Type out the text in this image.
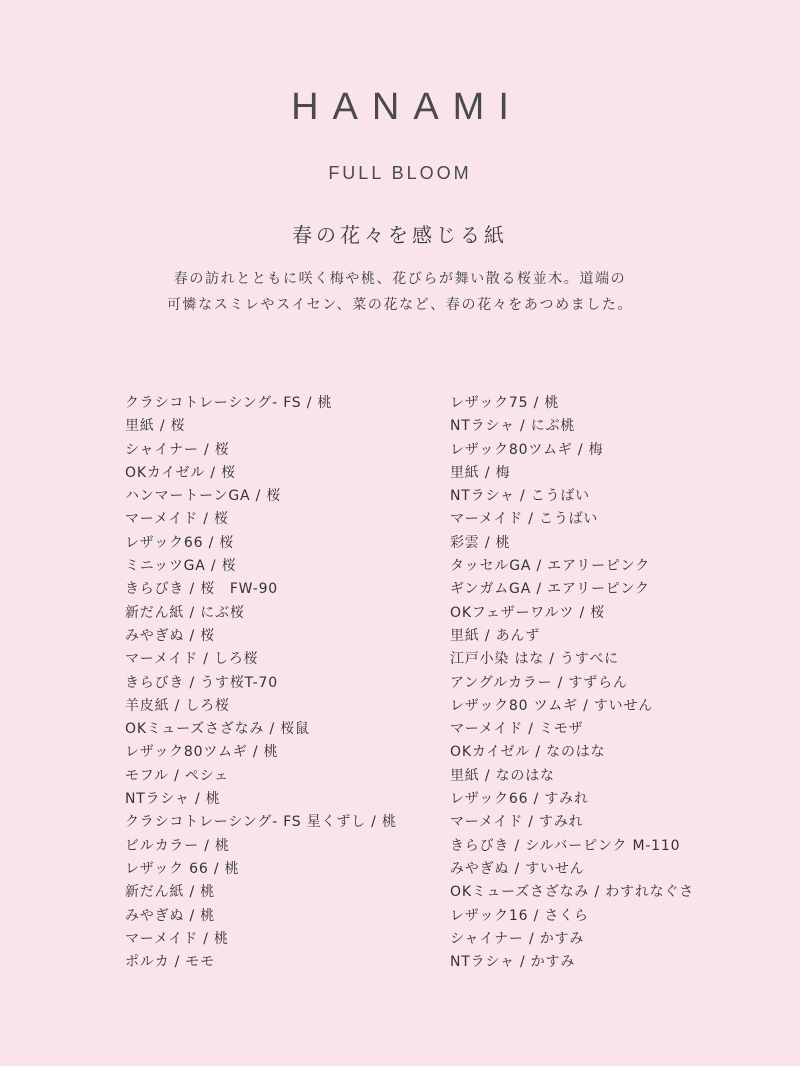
HANAMI
FULL BLOOM
春の花々を感じる紙
春の訪れとともに咲く梅や桃、花びらが舞い散る桜並木。道端の
可憐なスミレやスイセン、菜の花など、春の花々をあつめました。
クラシコトレーシング- FS / 桃
里紙 / 桜
シャイナー / 桜
OKカイゼル / 桜
ハンマートーンGA / 桜
マーメイド / 桜
レザック66 / 桜
ミニッツGA / 桜
きらびき / 桜　FW-90
新だん紙 / にぶ桜
みやぎぬ / 桜
マーメイド / しろ桜
きらびき / うす桜T-70
羊皮紙 / しろ桜
OKミューズさざなみ / 桜鼠
レザック80ツムギ / 桃
モフル / ペシェ
NTラシャ / 桃
クラシコトレーシング- FS 星くずし / 桃
ビルカラー / 桃
レザック 66 / 桃
新だん紙 / 桃
みやぎぬ / 桃
マーメイド / 桃
ポルカ / モモ
レザック75 / 桃
NTラシャ / にぶ桃
レザック80ツムギ / 梅
里紙 / 梅
NTラシャ / こうばい
マーメイド / こうばい
彩雲 / 桃
タッセルGA / エアリーピンク
ギンガムGA / エアリーピンク
OKフェザーワルツ / 桜
里紙 / あんず
江戸小染 はな / うすべに
アングルカラー / すずらん
レザック80 ツムギ / すいせん
マーメイド / ミモザ
OKカイゼル / なのはな
里紙 / なのはな
レザック66 / すみれ
マーメイド / すみれ
きらびき / シルバーピンク M-110
みやぎぬ / すいせん
OKミューズさざなみ / わすれなぐさ
レザック16 / さくら
シャイナー / かすみ
NTラシャ / かすみ
